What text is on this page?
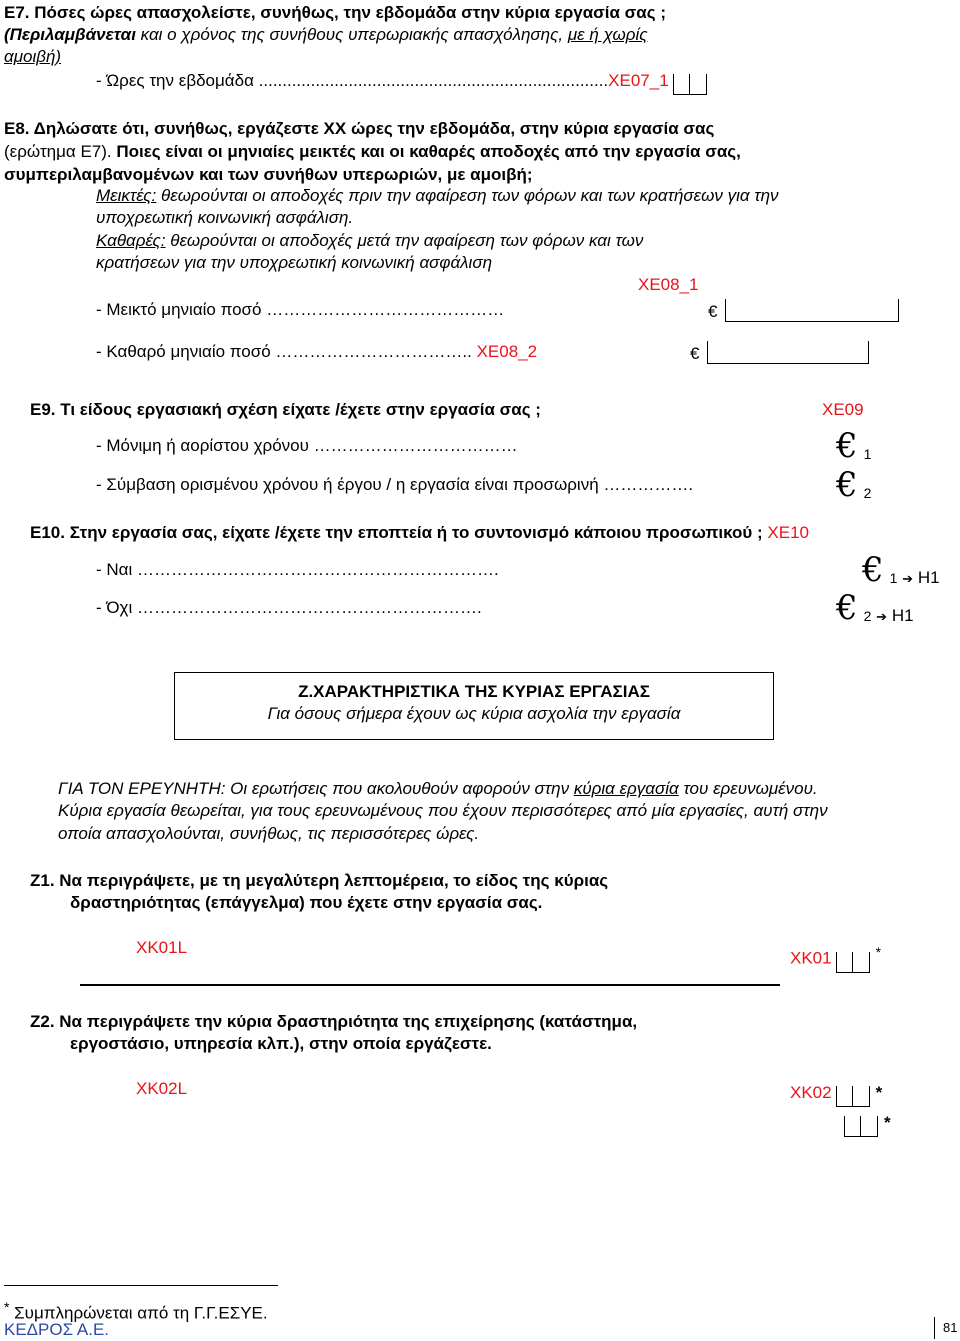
Ε7. Πόσες ώρες απασχολείστε, συνήθως, την εβδομάδα στην κύρια εργασία σας ;
(Περιλαμβάνεται και ο χρόνος της συνήθους υπερωριακής απασχόλησης, με ή χωρίς
αμοιβή)
- Ώρες την εβδομάδα ..........................................................................ΧΕ07_1
Ε8. Δηλώσατε ότι, συνήθως, εργάζεστε XX ώρες την εβδομάδα, στην κύρια εργασία σας
(ερώτημα Ε7). Ποιες είναι οι μηνιαίες μεικτές και οι καθαρές αποδοχές από την εργασία σας,
συμπεριλαμβανομένων και των συνήθων υπερωριών, με αμοιβή;
Μεικτές: θεωρούνται οι αποδοχές πριν την αφαίρεση των φόρων και των κρατήσεων για την
υποχρεωτική κοινωνική ασφάλιση.
Καθαρές: θεωρούνται οι αποδοχές μετά την αφαίρεση των φόρων και των
κρατήσεων για την υποχρεωτική κοινωνική ασφάλιση
ΧΕ08_1
- Μεικτό μηνιαίο ποσό ……………………………………	€
- Καθαρό μηνιαίο ποσό …………………………….. ΧΕ08_2	€
Ε9. Τι είδους εργασιακή σχέση είχατε /έχετε στην εργασία σας ;	ΧΕ09
- Μόνιμη ή αορίστου χρόνου ………………………………	€ 1
- Σύμβαση ορισμένου χρόνου ή έργου / η εργασία είναι προσωρινή …………….	€ 2
Ε10. Στην εργασία σας, είχατε /έχετε την εποπτεία ή το συντονισμό κάποιου προσωπικού ; ΧΕ10
- Ναι ……………………………………………………….	€ 1 ➔ Η1
- Όχι …………………………………………………….	€ 2 ➔ Η1
Ζ.ΧΑΡΑΚΤΗΡΙΣΤΙΚΑ ΤΗΣ ΚΥΡΙΑΣ ΕΡΓΑΣΙΑΣ
Για όσους σήμερα έχουν ως κύρια ασχολία την εργασία
ΓΙΑ ΤΟΝ ΕΡΕΥΝΗΤΗ: Οι ερωτήσεις που ακολουθούν αφορούν στην κύρια εργασία του ερευνωμένου.
Κύρια εργασία θεωρείται, για τους ερευνωμένους που έχουν περισσότερες από μία εργασίες, αυτή στην
οποία απασχολούνται, συνήθως, τις περισσότερες ώρες.
Ζ1. Να περιγράψετε, με τη μεγαλύτερη λεπτομέρεια, το είδος της κύριας
δραστηριότητας (επάγγελμα) που έχετε στην εργασία σας.
ΧΚ01L
ΧΚ01	*
Ζ2. Να περιγράψετε την κύρια δραστηριότητα της επιχείρησης (κατάστημα,
εργοστάσιο, υπηρεσία κλπ.), στην οποία εργάζεστε.
ΧΚ02L	ΧΚ02	*
*
* Συμπληρώνεται από τη Γ.Γ.ΕΣΥΕ.
ΚΕΔΡΟΣ Α.Ε.	81
